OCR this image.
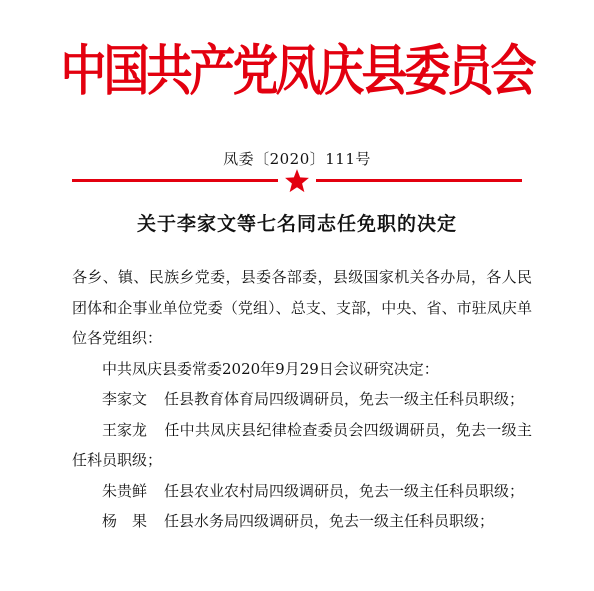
中国共产党凤庆县委员会
凤委〔2020〕111号
关于李家文等七名同志任免职的决定

各乡、镇、民族乡党委，县委各部委，县级国家机关各办局，各人民团体和企事业单位党委（党组）、总支、支部，中央、省、市驻凤庆单位各党组织：

中共凤庆县委常委2020年9月29日会议研究决定：

李家文 任县教育体育局四级调研员，免去一级主任科员职级；

王家龙 任中共凤庆县纪律检查委员会四级调研员，免去一级主任科员职级；

朱贵鲜 任县农业农村局四级调研员，免去一级主任科员职级；

杨　果 任县水务局四级调研员，免去一级主任科员职级；
